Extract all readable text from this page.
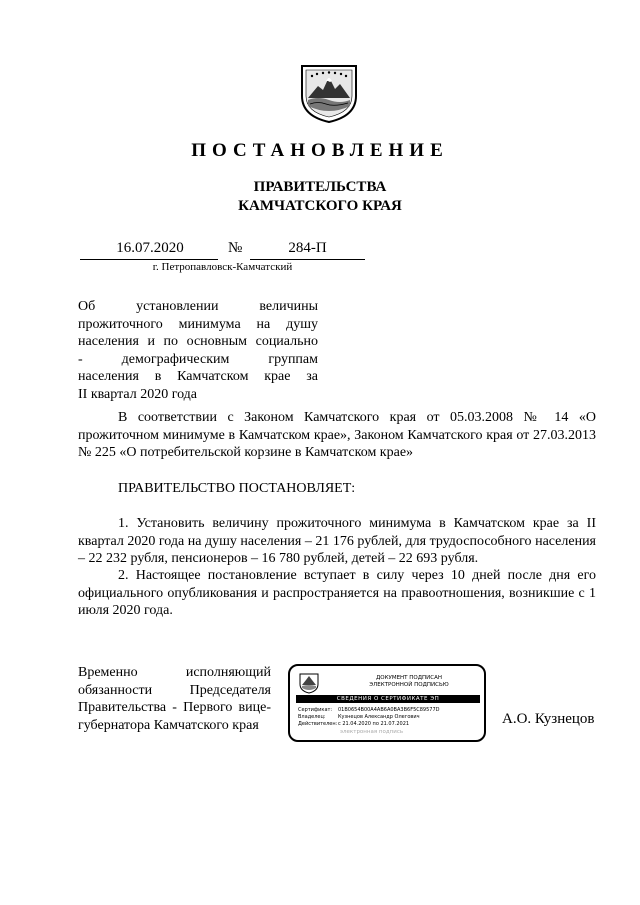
ПОСТАНОВЛЕНИЕ
ПРАВИТЕЛЬСТВА
КАМЧАТСКОГО КРАЯ
16.07.2020	№	284-П
г. Петропавловск-Камчатский
Об установлении величины
прожиточного минимума на душу
населения и по основным социально
- демографическим группам
населения в Камчатском крае за
II квартал 2020 года
В соответствии с Законом Камчатского края от 05.03.2008 № 14 «О прожиточном минимуме в Камчатском крае», Законом Камчатского края от 27.03.2013 № 225 «О потребительской корзине в Камчатском крае»
ПРАВИТЕЛЬСТВО ПОСТАНОВЛЯЕТ:
1. Установить величину прожиточного минимума в Камчатском крае за II квартал 2020 года на душу населения – 21 176 рублей, для трудоспособного населения – 22 232 рубля, пенсионеров – 16 780 рублей, детей – 22 693 рубля.
2. Настоящее постановление вступает в силу через 10 дней после дня его официального опубликования и распространяется на правоотношения, возникшие с 1 июля 2020 года.
Временно исполняющий
обязанности Председателя
Правительства - Первого вице-
губернатора Камчатского края
ДОКУМЕНТ ПОДПИСАН
ЭЛЕКТРОННОЙ ПОДПИСЬЮ
СВЕДЕНИЯ О СЕРТИФИКАТЕ ЭП
Сертификат:	01B0654B00A4AB6A0BA3B6F5C89577D
Владелец:	Кузнецов Александр Олегович
Действителен: с 21.04.2020 по 21.07.2021
электронная подпись
А.О. Кузнецов
